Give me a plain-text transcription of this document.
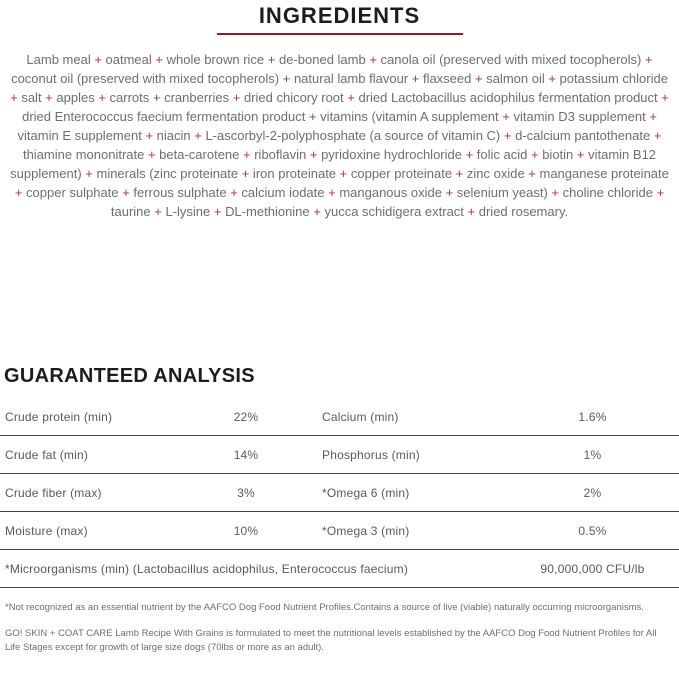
INGREDIENTS

Lamb meal + oatmeal + whole brown rice + de-boned lamb + canola oil (preserved with mixed tocopherols) + coconut oil (preserved with mixed tocopherols) + natural lamb flavour + flaxseed + salmon oil + potassium chloride + salt + apples + carrots + cranberries + dried chicory root + dried Lactobacillus acidophilus fermentation product + dried Enterococcus faecium fermentation product + vitamins (vitamin A supplement + vitamin D3 supplement + vitamin E supplement + niacin + L-ascorbyl-2-polyphosphate (a source of vitamin C) + d-calcium pantothenate + thiamine mononitrate + beta-carotene + riboflavin + pyridoxine hydrochloride + folic acid + biotin + vitamin B12 supplement) + minerals (zinc proteinate + iron proteinate + copper proteinate + zinc oxide + manganese proteinate + copper sulphate + ferrous sulphate + calcium iodate + manganous oxide + selenium yeast) + choline chloride + taurine + L-lysine + DL-methionine + yucca schidigera extract + dried rosemary.

GUARANTEED ANALYSIS
Crude protein (min)	22%	Calcium (min)	1.6%
Crude fat (min)	14%	Phosphorus (min)	1%
Crude fiber (max)	3%	*Omega 6 (min)	2%
Moisture (max)	10%	*Omega 3 (min)	0.5%
*Microorganisms (min) (Lactobacillus acidophilus, Enterococcus faecium)	90,000,000 CFU/lb

*Not recognized as an essential nutrient by the AAFCO Dog Food Nutrient Profiles.Contains a source of live (viable) naturally occurring microorganisms.

GO! SKIN + COAT CARE Lamb Recipe With Grains is formulated to meet the nutritional levels established by the AAFCO Dog Food Nutrient Profiles for All Life Stages except for growth of large size dogs (70lbs or more as an adult).
